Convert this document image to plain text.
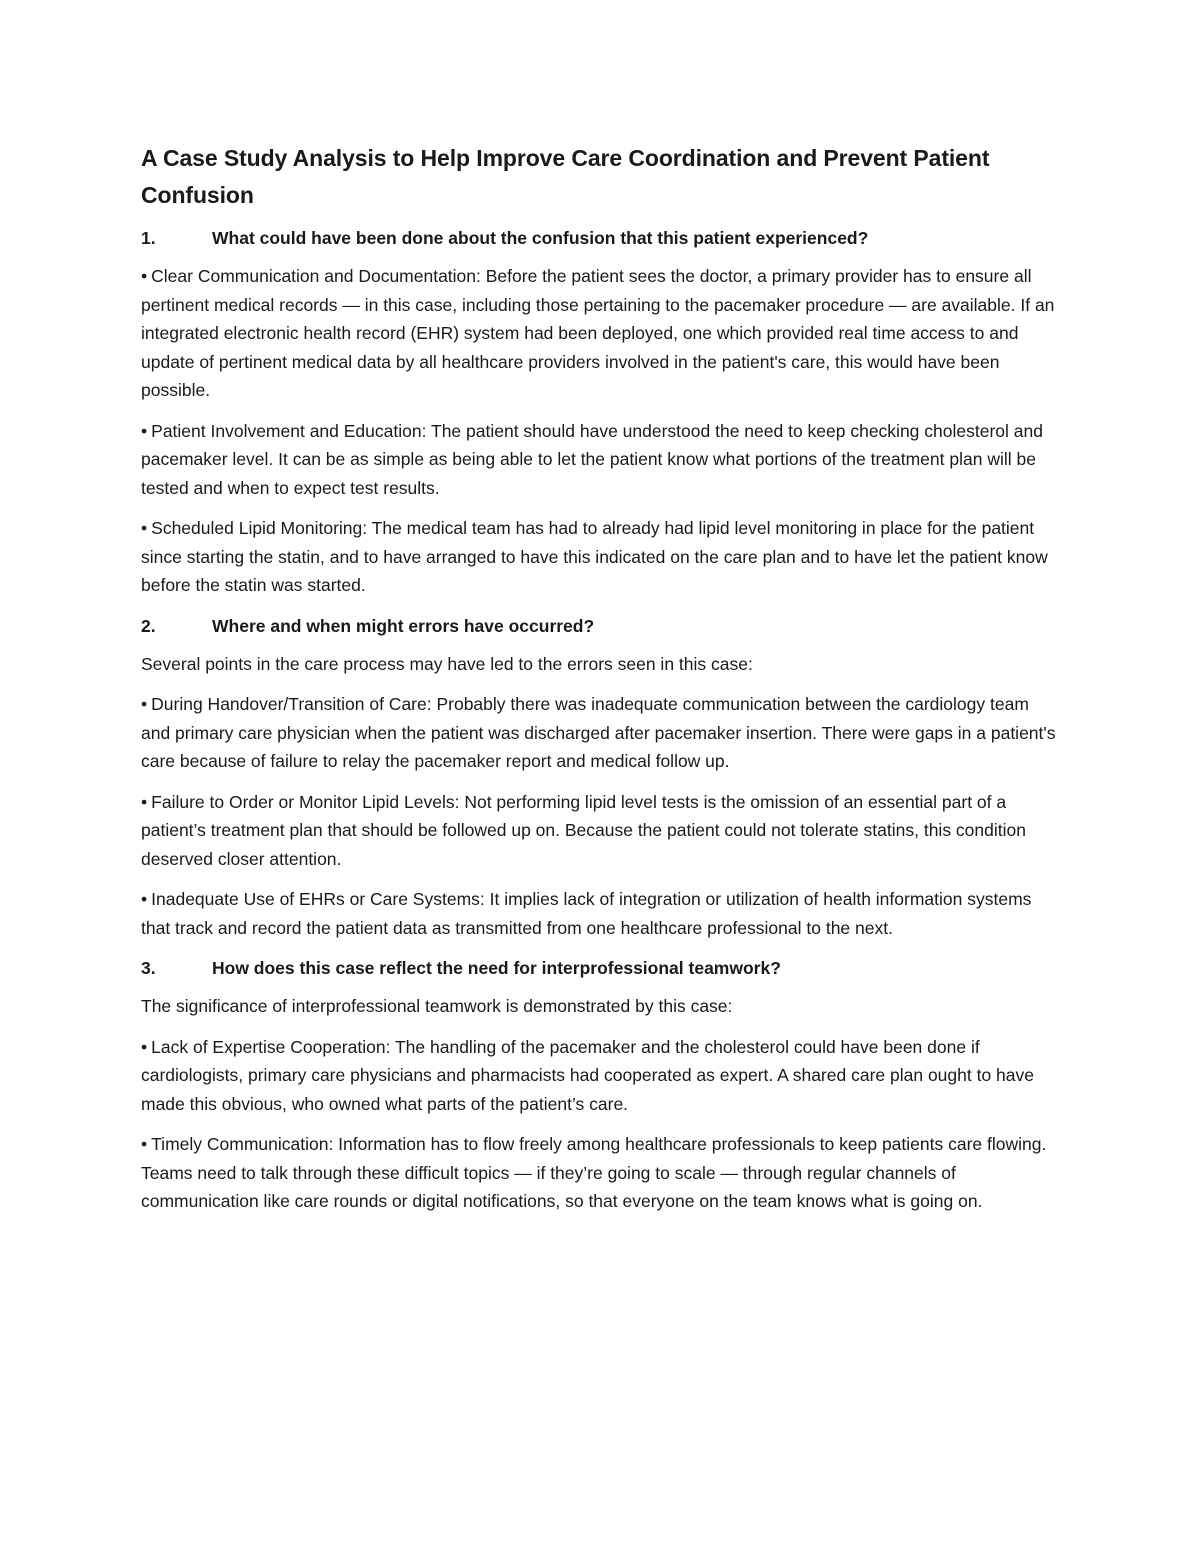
A Case Study Analysis to Help Improve Care Coordination and Prevent Patient Confusion
1.	What could have been done about the confusion that this patient experienced?

• Clear Communication and Documentation: Before the patient sees the doctor, a primary provider has to ensure all pertinent medical records — in this case, including those pertaining to the pacemaker procedure — are available. If an integrated electronic health record (EHR) system had been deployed, one which provided real time access to and update of pertinent medical data by all healthcare providers involved in the patient's care, this would have been possible.

• Patient Involvement and Education: The patient should have understood the need to keep checking cholesterol and pacemaker level. It can be as simple as being able to let the patient know what portions of the treatment plan will be tested and when to expect test results.

• Scheduled Lipid Monitoring: The medical team has had to already had lipid level monitoring in place for the patient since starting the statin, and to have arranged to have this indicated on the care plan and to have let the patient know before the statin was started.

2.	Where and when might errors have occurred?

Several points in the care process may have led to the errors seen in this case:

• During Handover/Transition of Care: Probably there was inadequate communication between the cardiology team and primary care physician when the patient was discharged after pacemaker insertion. There were gaps in a patient's care because of failure to relay the pacemaker report and medical follow up.

• Failure to Order or Monitor Lipid Levels: Not performing lipid level tests is the omission of an essential part of a patient’s treatment plan that should be followed up on. Because the patient could not tolerate statins, this condition deserved closer attention.

• Inadequate Use of EHRs or Care Systems: It implies lack of integration or utilization of health information systems that track and record the patient data as transmitted from one healthcare professional to the next.

3.	How does this case reflect the need for interprofessional teamwork?

The significance of interprofessional teamwork is demonstrated by this case:

• Lack of Expertise Cooperation: The handling of the pacemaker and the cholesterol could have been done if cardiologists, primary care physicians and pharmacists had cooperated as expert. A shared care plan ought to have made this obvious, who owned what parts of the patient’s care.

• Timely Communication: Information has to flow freely among healthcare professionals to keep patients care flowing. Teams need to talk through these difficult topics — if they’re going to scale — through regular channels of communication like care rounds or digital notifications, so that everyone on the team knows what is going on.
